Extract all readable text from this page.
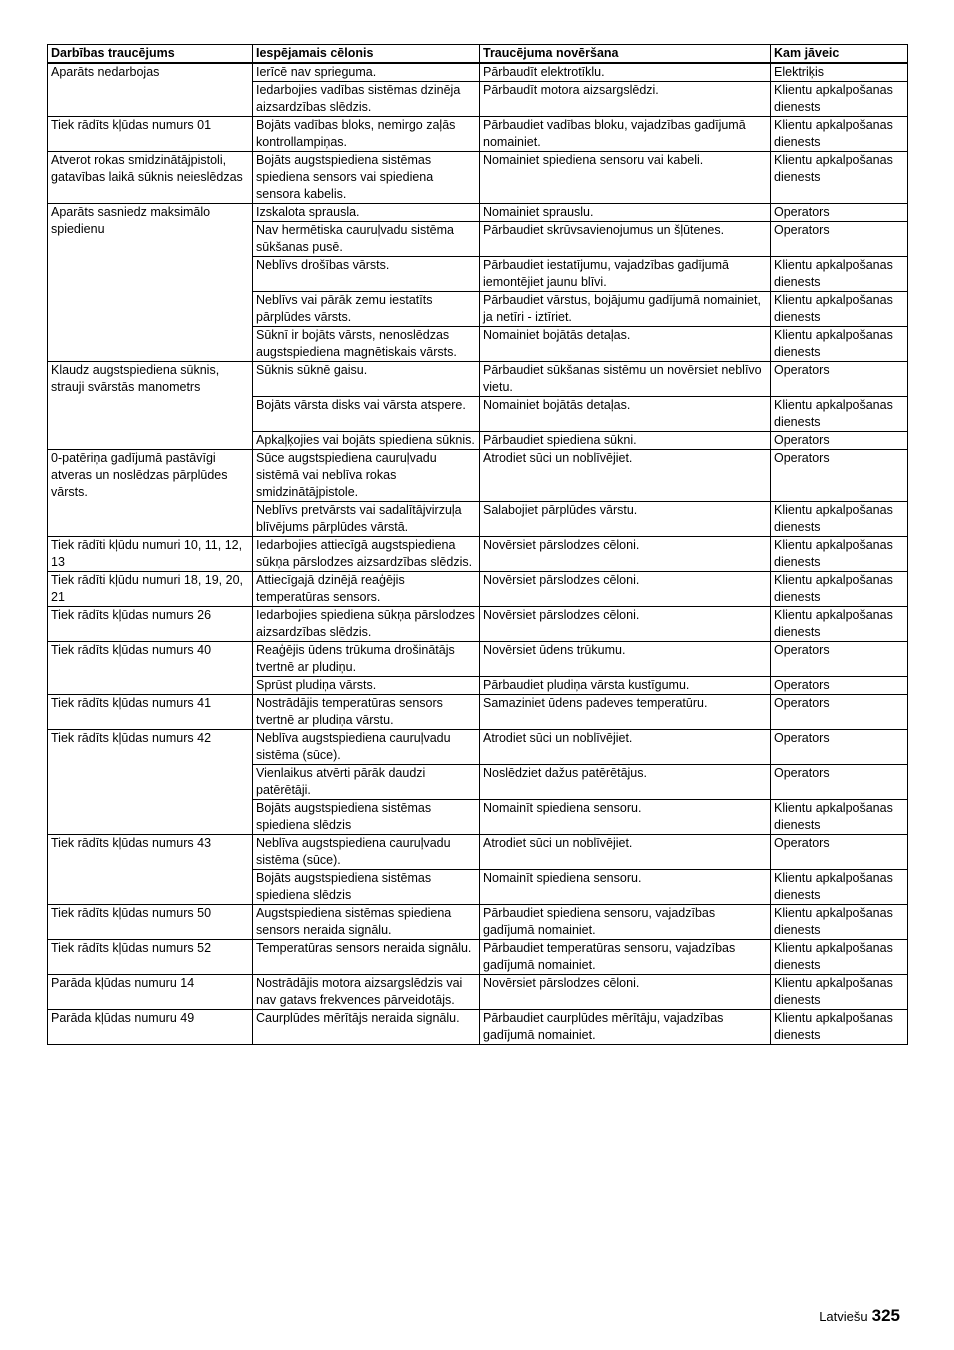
Darbības traucējums	Iespējamais cēlonis	Traucējuma novēršana	Kam jāveic
Aparāts nedarbojas	Ierīcē nav sprieguma.	Pārbaudīt elektrotīklu.	Elektriķis
	Iedarbojies vadības sistēmas dzinēja aizsardzības slēdzis.	Pārbaudīt motora aizsargslēdzi.	Klientu apkalpošanas dienests
Tiek rādīts kļūdas numurs 01	Bojāts vadības bloks, nemirgo zaļās kontrollampiņas.	Pārbaudiet vadības bloku, vajadzības gadījumā nomainiet.	Klientu apkalpošanas dienests
Atverot rokas smidzinātājpistoli, gatavības laikā sūknis neieslēdzas	Bojāts augstspiediena sistēmas spiediena sensors vai spiediena sensora kabelis.	Nomainiet spiediena sensoru vai kabeli.	Klientu apkalpošanas dienests
Aparāts sasniedz maksimālo spiedienu	Izskalota sprausla.	Nomainiet sprauslu.	Operators
	Nav hermētiska cauruļvadu sistēma sūkšanas pusē.	Pārbaudiet skrūvsavienojumus un šļūtenes.	Operators
	Neblīvs drošības vārsts.	Pārbaudiet iestatījumu, vajadzības gadījumā iemontējiet jaunu blīvi.	Klientu apkalpošanas dienests
	Neblīvs vai pārāk zemu iestatīts pārplūdes vārsts.	Pārbaudiet vārstus, bojājumu gadījumā nomainiet, ja netīri - iztīriet.	Klientu apkalpošanas dienests
	Sūknī ir bojāts vārsts, nenoslēdzas augstspiediena magnētiskais vārsts.	Nomainiet bojātās detaļas.	Klientu apkalpošanas dienests
Klaudz augstspiediena sūknis, strauji svārstās manometrs	Sūknis sūknē gaisu.	Pārbaudiet sūkšanas sistēmu un novērsiet neblīvo vietu.	Operators
	Bojāts vārsta disks vai vārsta atspere.	Nomainiet bojātās detaļas.	Klientu apkalpošanas dienests
	Apkaļķojies vai bojāts spiediena sūknis.	Pārbaudiet spiediena sūkni.	Operators
0-patēriņa gadījumā pastāvīgi atveras un noslēdzas pārplūdes vārsts.	Sūce augstspiediena cauruļvadu sistēmā vai neblīva rokas smidzinātājpistole.	Atrodiet sūci un noblīvējiet.	Operators
	Neblīvs pretvārsts vai sadalītājvirzuļa blīvējums pārplūdes vārstā.	Salabojiet pārplūdes vārstu.	Klientu apkalpošanas dienests
Tiek rādīti kļūdu numuri 10, 11, 12, 13	Iedarbojies attiecīgā augstspiediena sūkņa pārslodzes aizsardzības slēdzis.	Novērsiet pārslodzes cēloni.	Klientu apkalpošanas dienests
Tiek rādīti kļūdu numuri 18, 19, 20, 21	Attiecīgajā dzinējā reaģējis temperatūras sensors.	Novērsiet pārslodzes cēloni.	Klientu apkalpošanas dienests
Tiek rādīts kļūdas numurs 26	Iedarbojies spiediena sūkņa pārslodzes aizsardzības slēdzis.	Novērsiet pārslodzes cēloni.	Klientu apkalpošanas dienests
Tiek rādīts kļūdas numurs 40	Reaģējis ūdens trūkuma drošinātājs tvertnē ar pludiņu.	Novērsiet ūdens trūkumu.	Operators
	Sprūst pludiņa vārsts.	Pārbaudiet pludiņa vārsta kustīgumu.	Operators
Tiek rādīts kļūdas numurs 41	Nostrādājis temperatūras sensors tvertnē ar pludiņa vārstu.	Samaziniet ūdens padeves temperatūru.	Operators
Tiek rādīts kļūdas numurs 42	Neblīva augstspiediena cauruļvadu sistēma (sūce).	Atrodiet sūci un noblīvējiet.	Operators
	Vienlaikus atvērti pārāk daudzi patērētāji.	Noslēdziet dažus patērētājus.	Operators
	Bojāts augstspiediena sistēmas spiediena slēdzis	Nomainīt spiediena sensoru.	Klientu apkalpošanas dienests
Tiek rādīts kļūdas numurs 43	Neblīva augstspiediena cauruļvadu sistēma (sūce).	Atrodiet sūci un noblīvējiet.	Operators
	Bojāts augstspiediena sistēmas spiediena slēdzis	Nomainīt spiediena sensoru.	Klientu apkalpošanas dienests
Tiek rādīts kļūdas numurs 50	Augstspiediena sistēmas spiediena sensors neraida signālu.	Pārbaudiet spiediena sensoru, vajadzības gadījumā nomainiet.	Klientu apkalpošanas dienests
Tiek rādīts kļūdas numurs 52	Temperatūras sensors neraida signālu.	Pārbaudiet temperatūras sensoru, vajadzības gadījumā nomainiet.	Klientu apkalpošanas dienests
Parāda kļūdas numuru 14	Nostrādājis motora aizsargslēdzis vai nav gatavs frekvences pārveidotājs.	Novērsiet pārslodzes cēloni.	Klientu apkalpošanas dienests
Parāda kļūdas numuru 49	Caurplūdes mērītājs neraida signālu.	Pārbaudiet caurplūdes mērītāju, vajadzības gadījumā nomainiet.	Klientu apkalpošanas dienests
Latviešu 325
